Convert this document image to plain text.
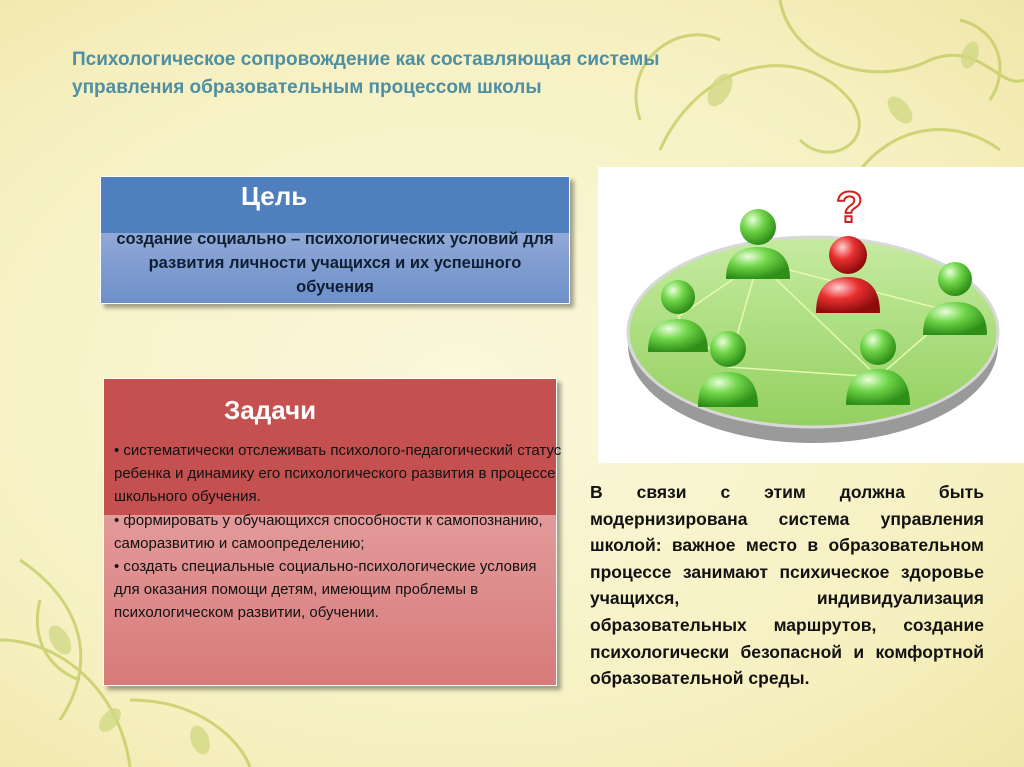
Психологическое сопровождение как составляющая системы
управления образовательным процессом школы
Цель
создание социально – психологических условий для развития личности учащихся и их успешного обучения
Задачи
• систематически отслеживать психолого-педагогический статус ребенка и динамику его психологического развития в процессе школьного обучения.
• формировать у обучающихся способности к самопознанию, саморазвитию и самоопределению;
• создать специальные социально-психологические условия для оказания помощи детям, имеющим проблемы в психологическом развитии, обучении.
?
В связи с этим должна быть модернизирована система управления школой: важное место в образовательном процессе занимают психическое здоровье учащихся, индивидуализация образовательных маршрутов, создание психологически безопасной и комфортной образовательной среды.
